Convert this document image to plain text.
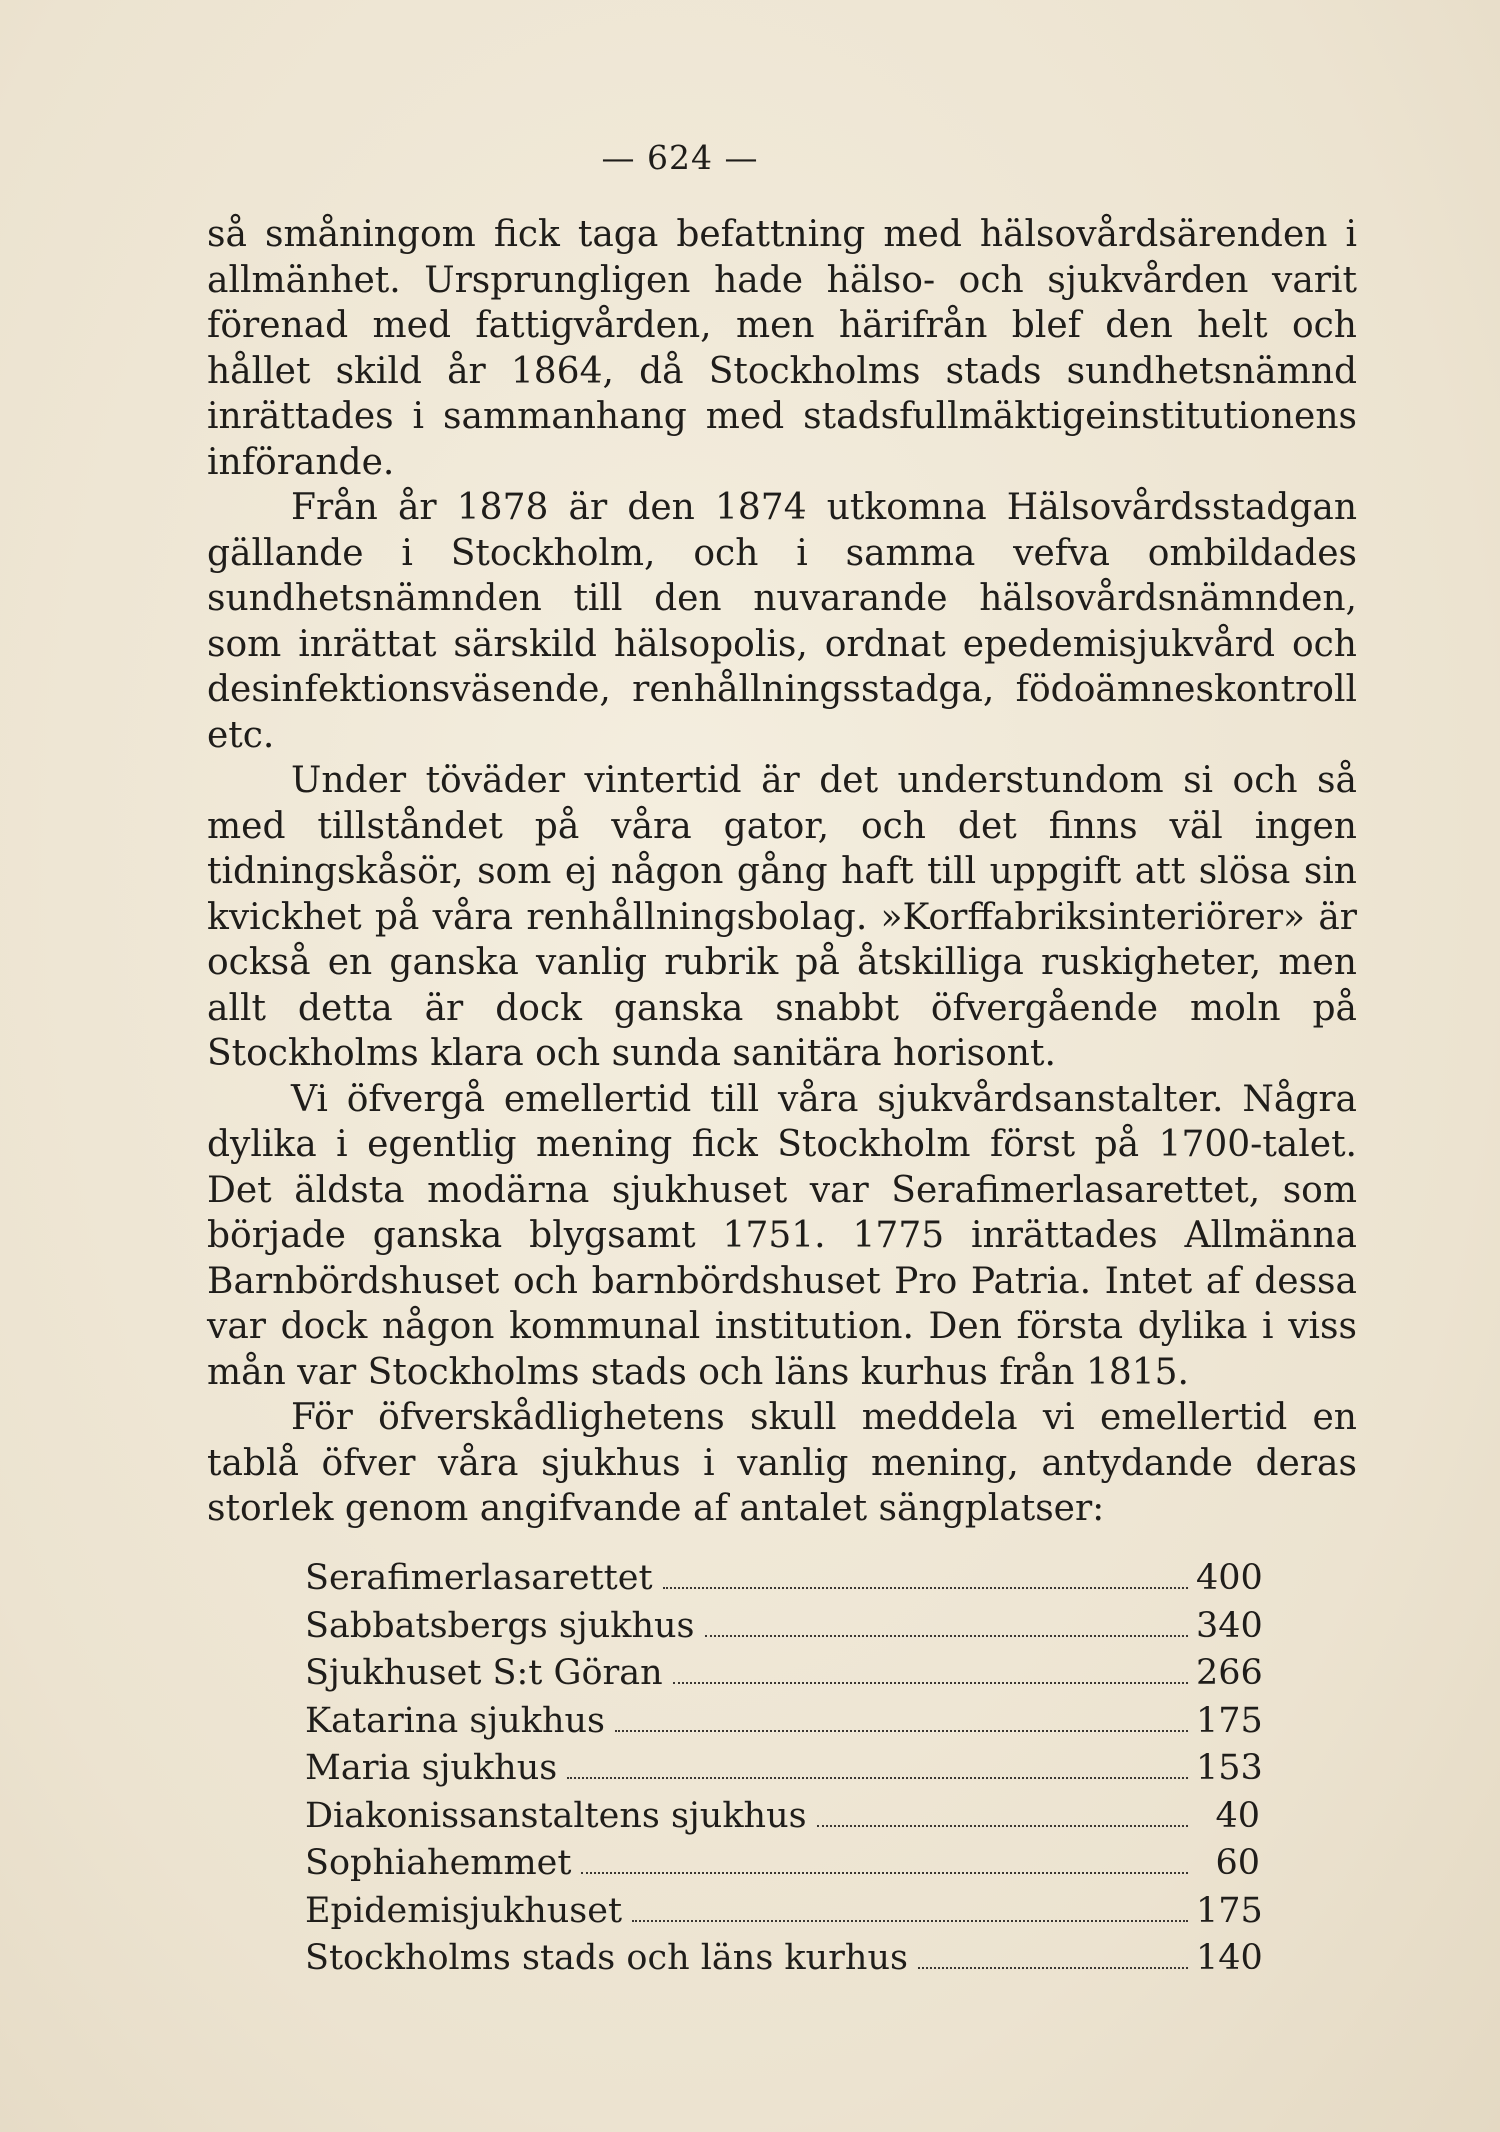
— 624 —

så småningom fick taga befattning med hälsovårdsärenden i allmänhet. Ursprungligen hade hälso- och sjukvården varit förenad med fattigvården, men härifrån blef den helt och hållet skild år 1864, då Stockholms stads sundhetsnämnd inrättades i sammanhang med stadsfullmäktigeinstitutionens införande.

Från år 1878 är den 1874 utkomna Hälsovårdsstadgan gällande i Stockholm, och i samma vefva ombildades sundhetsnämnden till den nuvarande hälsovårdsnämnden, som inrättat särskild hälsopolis, ordnat epedemisjukvård och desinfektionsväsende, renhållningsstadga, födoämneskontroll etc.

Under töväder vintertid är det understundom si och så med tillståndet på våra gator, och det finns väl ingen tidningskåsör, som ej någon gång haft till uppgift att slösa sin kvickhet på våra renhållningsbolag. »Korffabriksinteriörer» är också en ganska vanlig rubrik på åtskilliga ruskigheter, men allt detta är dock ganska snabbt öfvergående moln på Stockholms klara och sunda sanitära horisont.

Vi öfvergå emellertid till våra sjukvårdsanstalter. Några dylika i egentlig mening fick Stockholm först på 1700-talet. Det äldsta modärna sjukhuset var Serafimerlasarettet, som började ganska blygsamt 1751. 1775 inrättades Allmänna Barnbördshuset och barnbördshuset Pro Patria. Intet af dessa var dock någon kommunal institution. Den första dylika i viss mån var Stockholms stads och läns kurhus från 1815.

För öfverskådlighetens skull meddela vi emellertid en tablå öfver våra sjukhus i vanlig mening, antydande deras storlek genom angifvande af antalet sängplatser:

Serafimerlasarettet	400
Sabbatsbergs sjukhus	340
Sjukhuset S:t Göran	266
Katarina sjukhus	175
Maria sjukhus	153
Diakonissanstaltens sjukhus	40
Sophiahemmet	60
Epidemisjukhuset	175
Stockholms stads och läns kurhus	140
